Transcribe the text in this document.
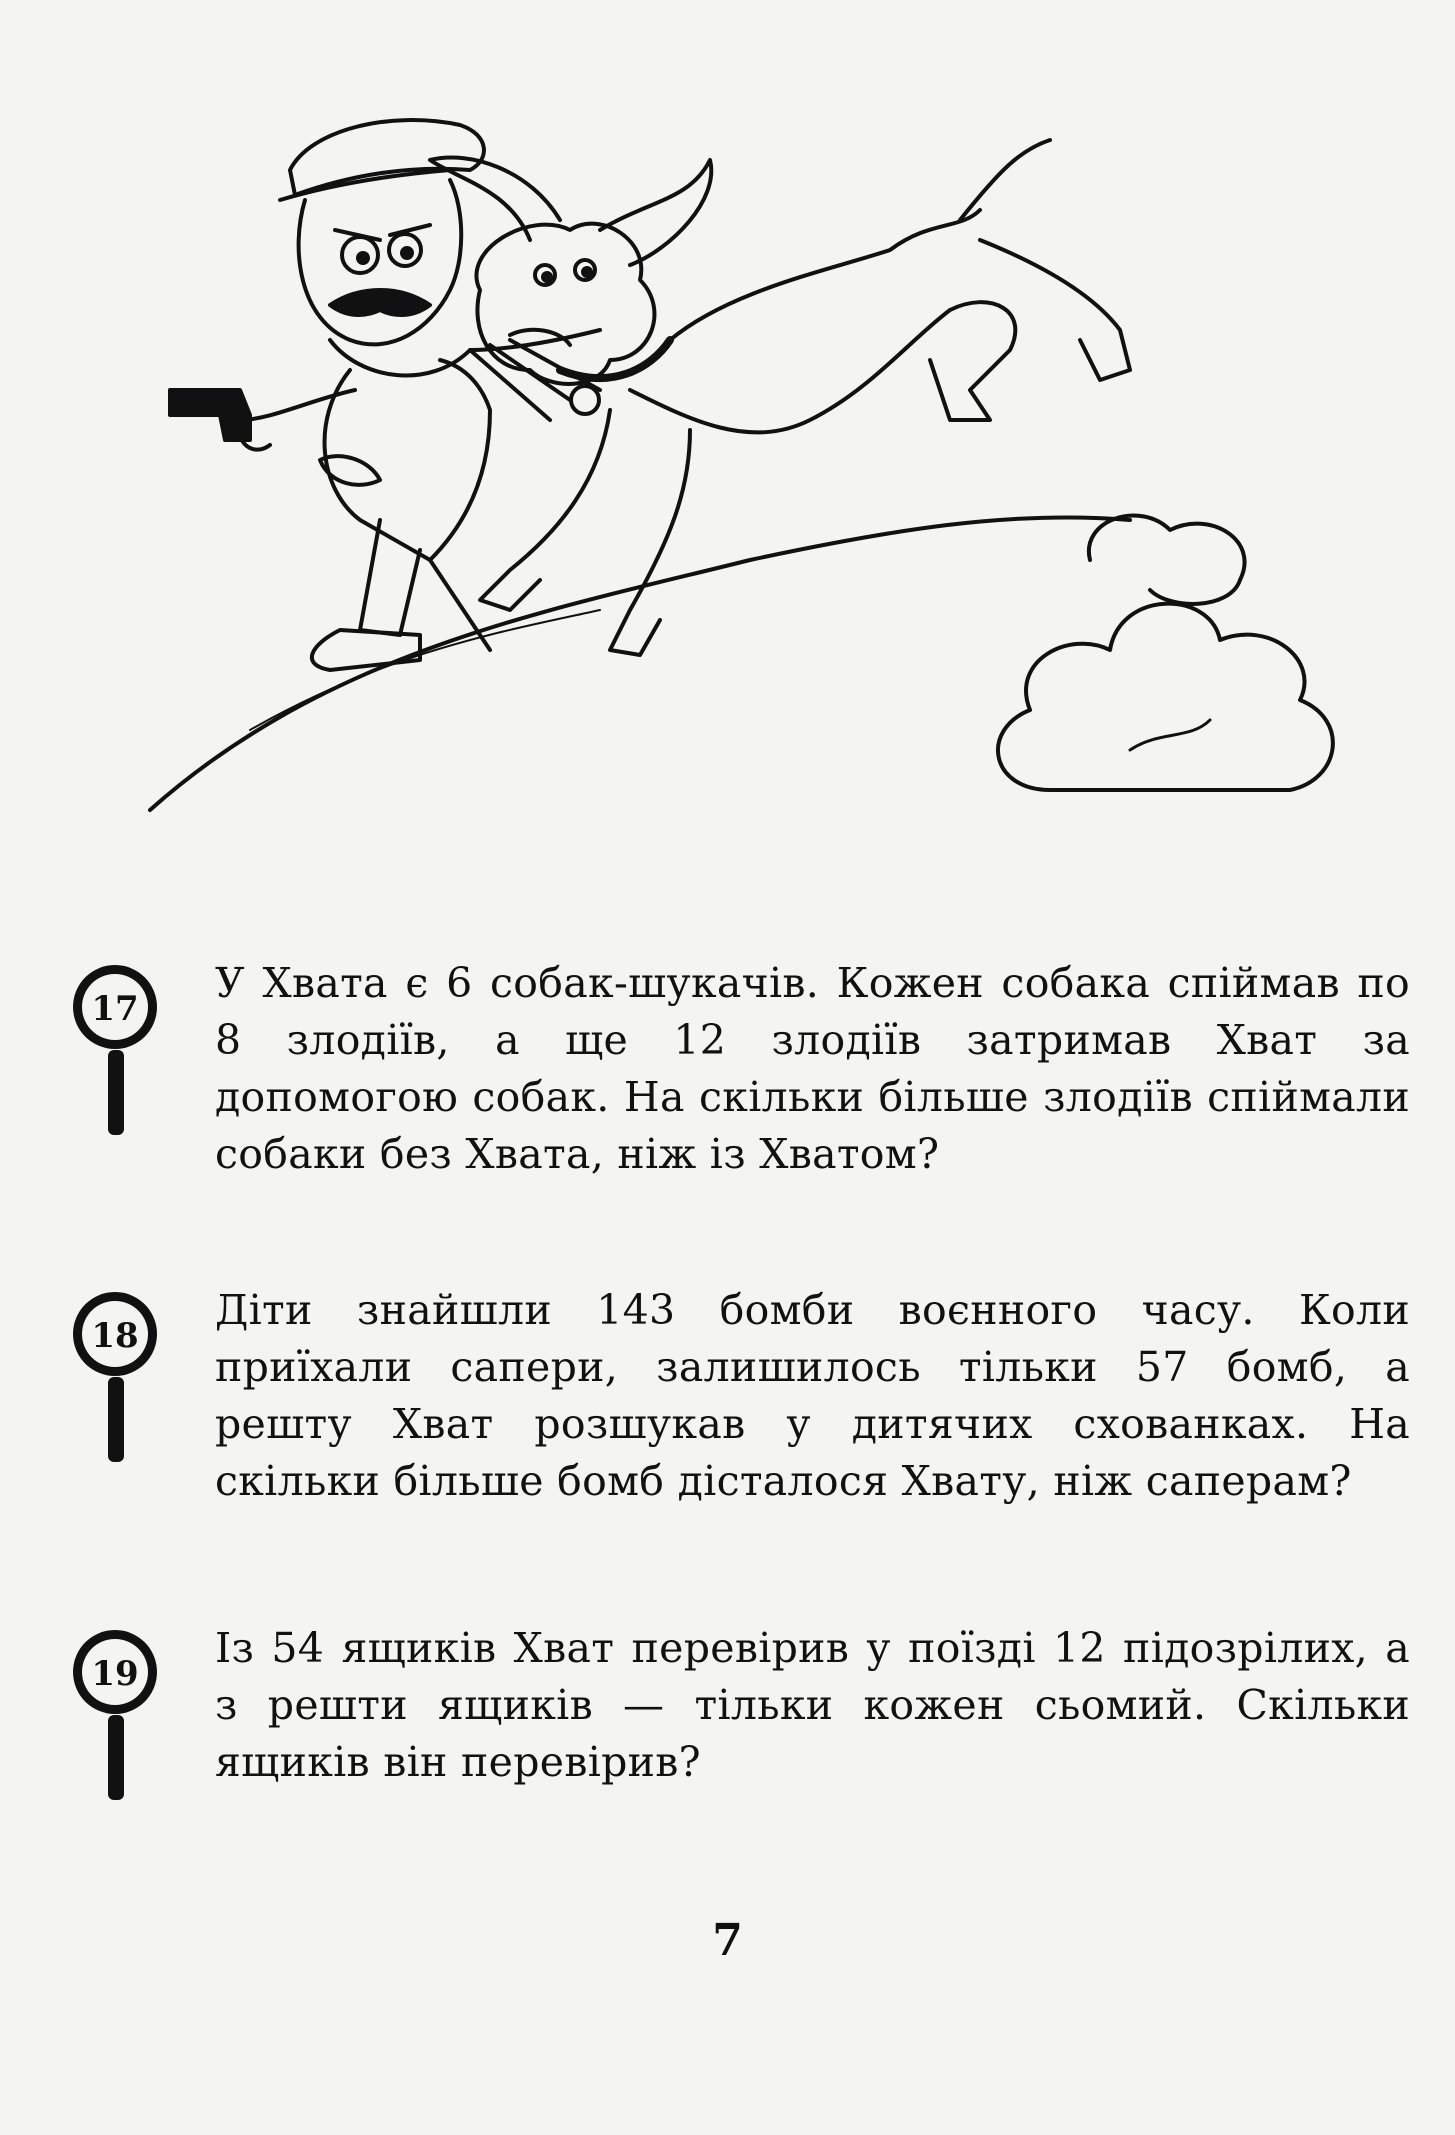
17
У Хвата є 6 собак-шукачів. Кожен собака спіймав по 8 злодіїв, а ще 12 злодіїв затримав Хват за допомогою собак. На скільки більше злодіїв спіймали собаки без Хвата, ніж із Хватом?
18
Діти знайшли 143 бомби воєнного часу. Коли приїхали сапери, залишилось тільки 57 бомб, а решту Хват розшукав у дитячих схованках. На скільки більше бомб дісталося Хвату, ніж саперам?
19
Із 54 ящиків Хват перевірив у поїзді 12 підозрілих, а з решти ящиків — тільки кожен сьомий. Скільки ящиків він перевірив?
7
